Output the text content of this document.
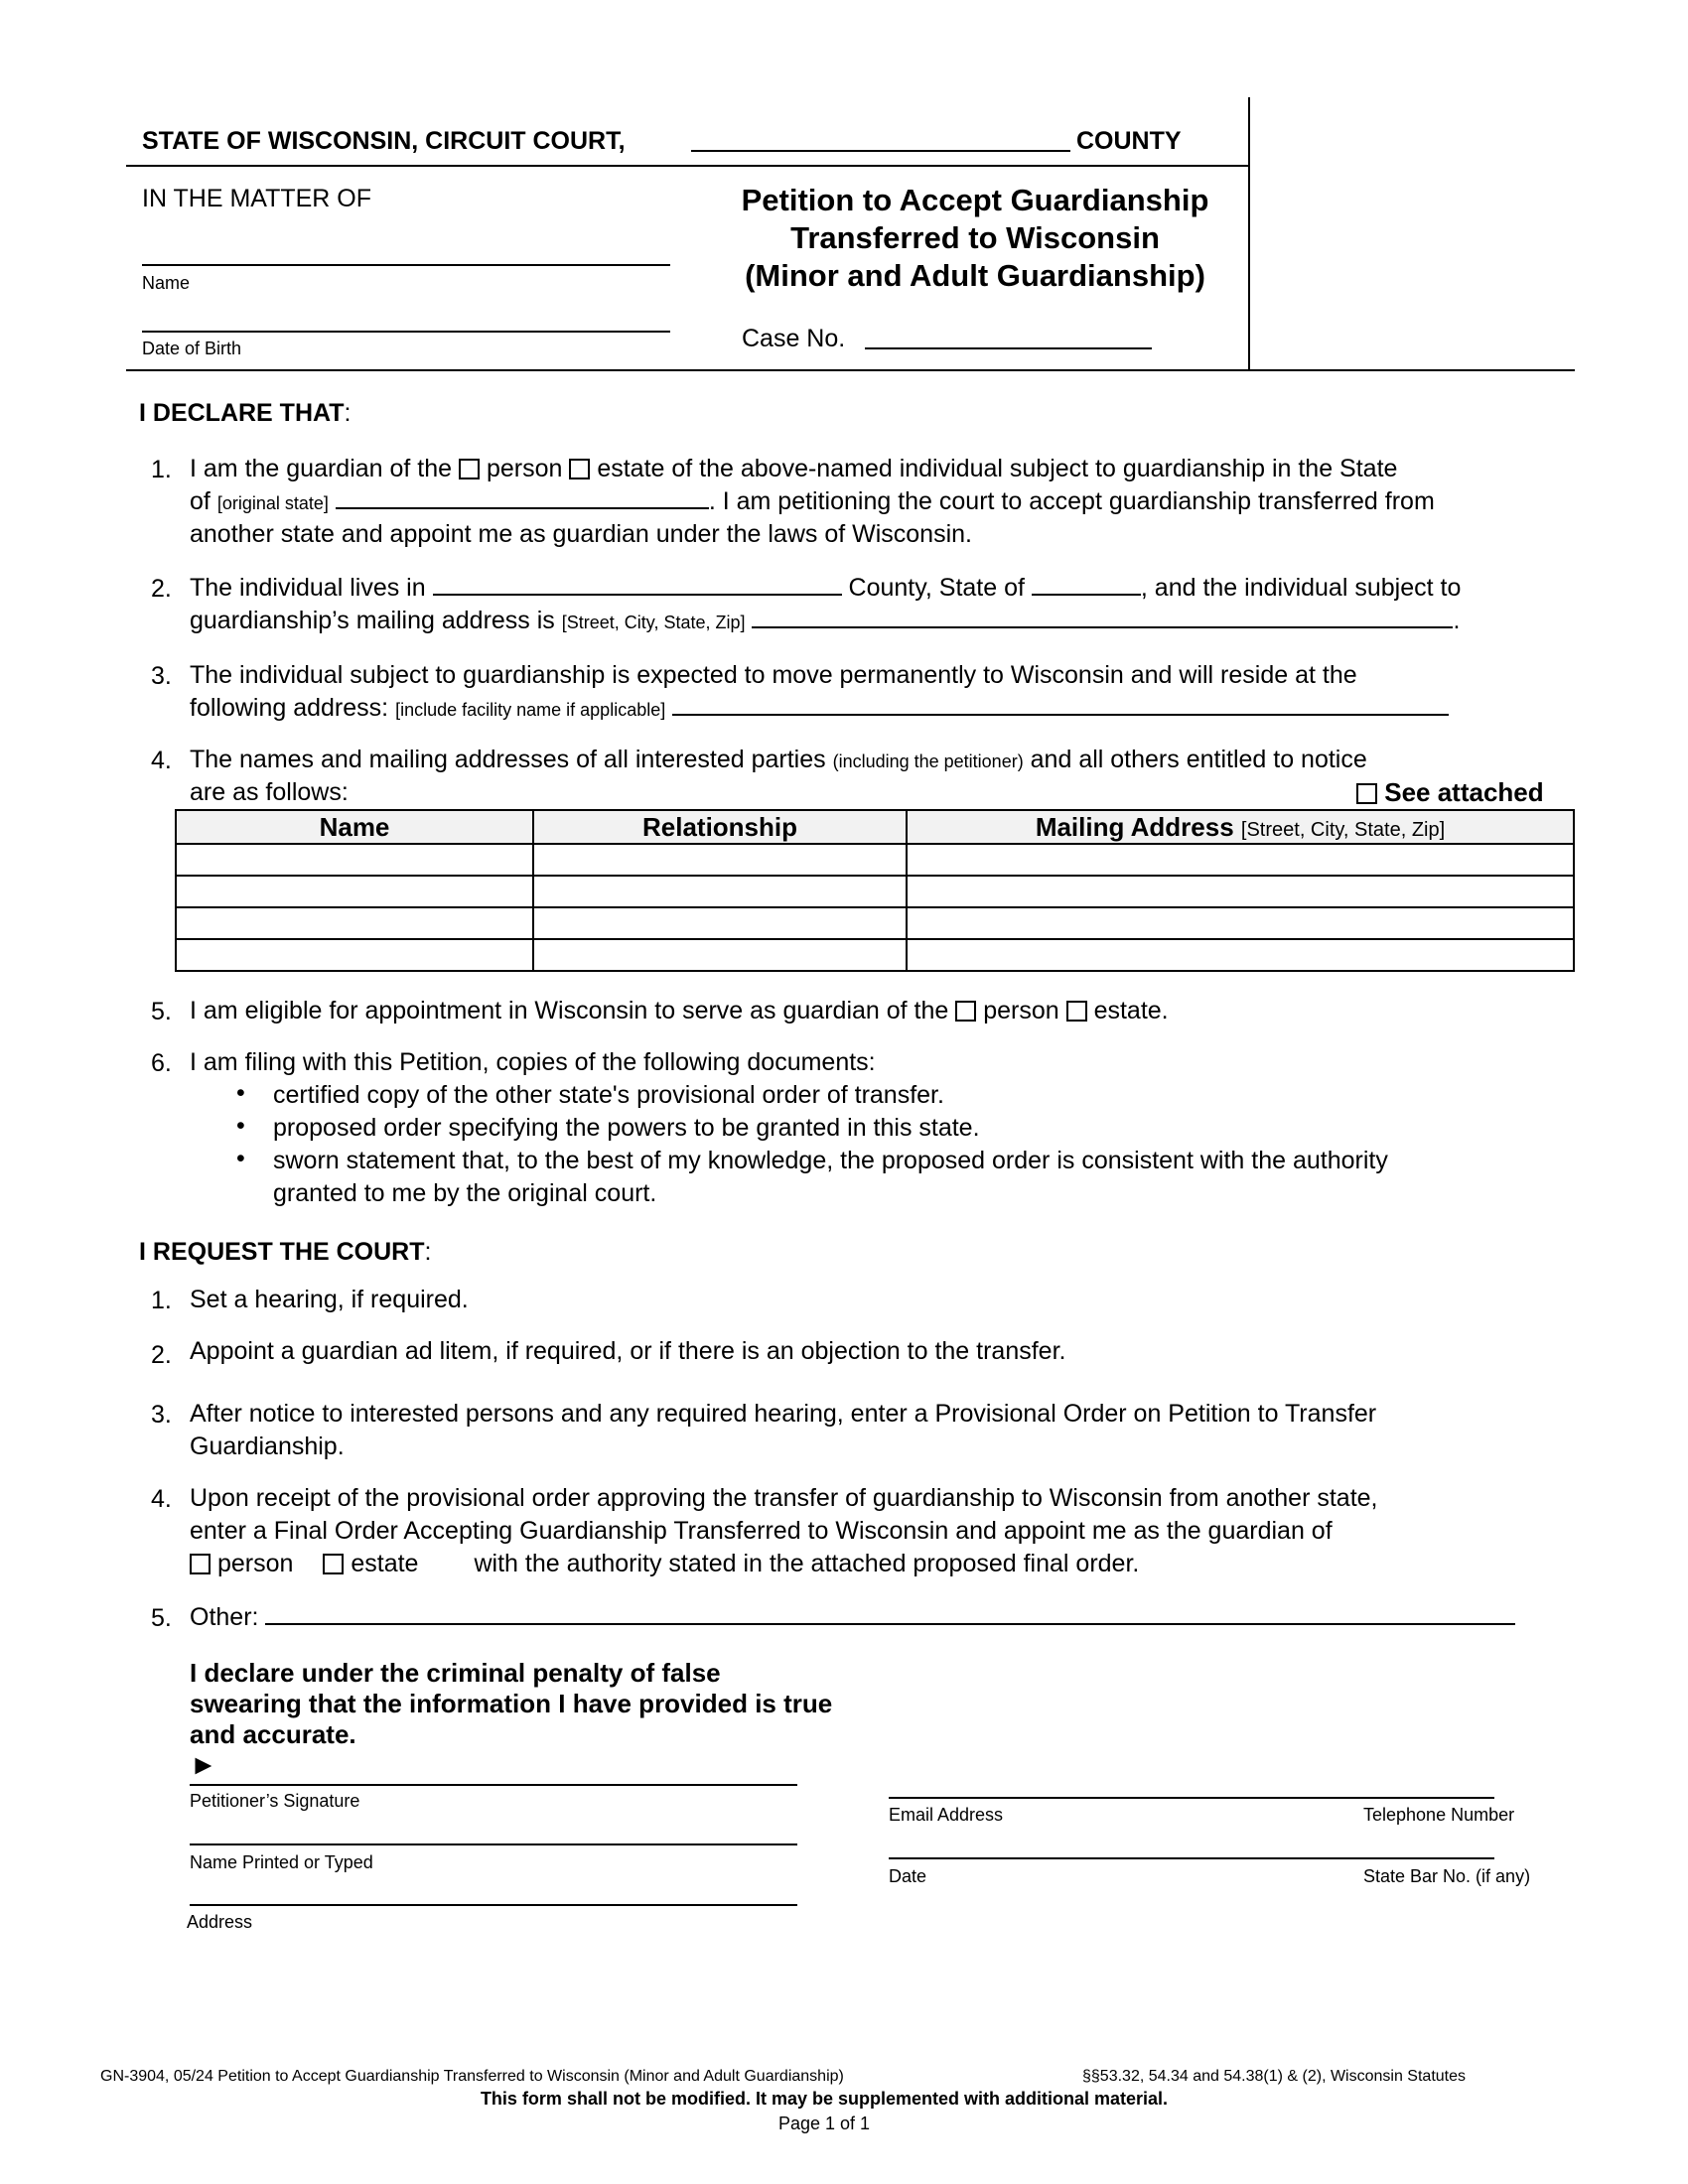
STATE OF WISCONSIN, CIRCUIT COURT,	COUNTY
IN THE MATTER OF
Name
Date of Birth
Petition to Accept Guardianship
Transferred to Wisconsin
(Minor and Adult Guardianship)
Case No.
I DECLARE THAT:
1. I am the guardian of the person estate of the above-named individual subject to guardianship in the State
of [original state]	. I am petitioning the court to accept guardianship transferred from
another state and appoint me as guardian under the laws of Wisconsin.
2. The individual lives in	County, State of	, and the individual subject to
guardianship’s mailing address is [Street, City, State, Zip]	.
3. The individual subject to guardianship is expected to move permanently to Wisconsin and will reside at the
following address: [include facility name if applicable]
4. The names and mailing addresses of all interested parties (including the petitioner) and all others entitled to notice
are as follows:	See attached
Name	Relationship	Mailing Address [Street, City, State, Zip]

5. I am eligible for appointment in Wisconsin to serve as guardian of the person estate.
6. I am filing with this Petition, copies of the following documents:
• certified copy of the other state's provisional order of transfer.
• proposed order specifying the powers to be granted in this state.
• sworn statement that, to the best of my knowledge, the proposed order is consistent with the authority
granted to me by the original court.
I REQUEST THE COURT:
1. Set a hearing, if required.
2. Appoint a guardian ad litem, if required, or if there is an objection to the transfer.
3. After notice to interested persons and any required hearing, enter a Provisional Order on Petition to Transfer
Guardianship.
4. Upon receipt of the provisional order approving the transfer of guardianship to Wisconsin from another state,
enter a Final Order Accepting Guardianship Transferred to Wisconsin and appoint me as the guardian of
person estate with the authority stated in the attached proposed final order.
5. Other:
I declare under the criminal penalty of false
swearing that the information I have provided is true
and accurate.
►
Petitioner’s Signature
Name Printed or Typed
Address
Email Address	Telephone Number
Date	State Bar No. (if any)
GN-3904, 05/24 Petition to Accept Guardianship Transferred to Wisconsin (Minor and Adult Guardianship)	§§53.32, 54.34 and 54.38(1) & (2), Wisconsin Statutes
This form shall not be modified. It may be supplemented with additional material.
Page 1 of 1
